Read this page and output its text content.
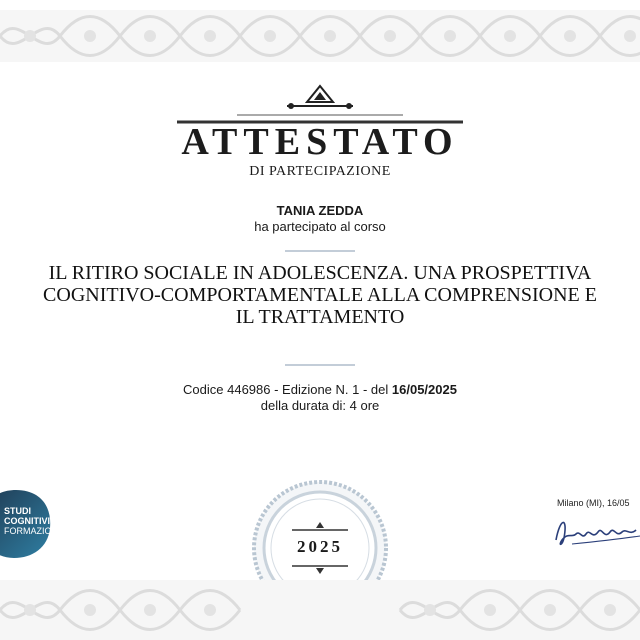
ATTESTATO
DI PARTECIPAZIONE
TANIA ZEDDA
ha partecipato al corso
IL RITIRO SOCIALE IN ADOLESCENZA. UNA PROSPETTIVA
COGNITIVO-COMPORTAMENTALE ALLA COMPRENSIONE E
IL TRATTAMENTO
Codice 446986 - Edizione N. 1 - del 16/05/2025
della durata di: 4 ore
STUDI
COGNITIVI
FORMAZIONE
2025
Milano (MI), 16/05
